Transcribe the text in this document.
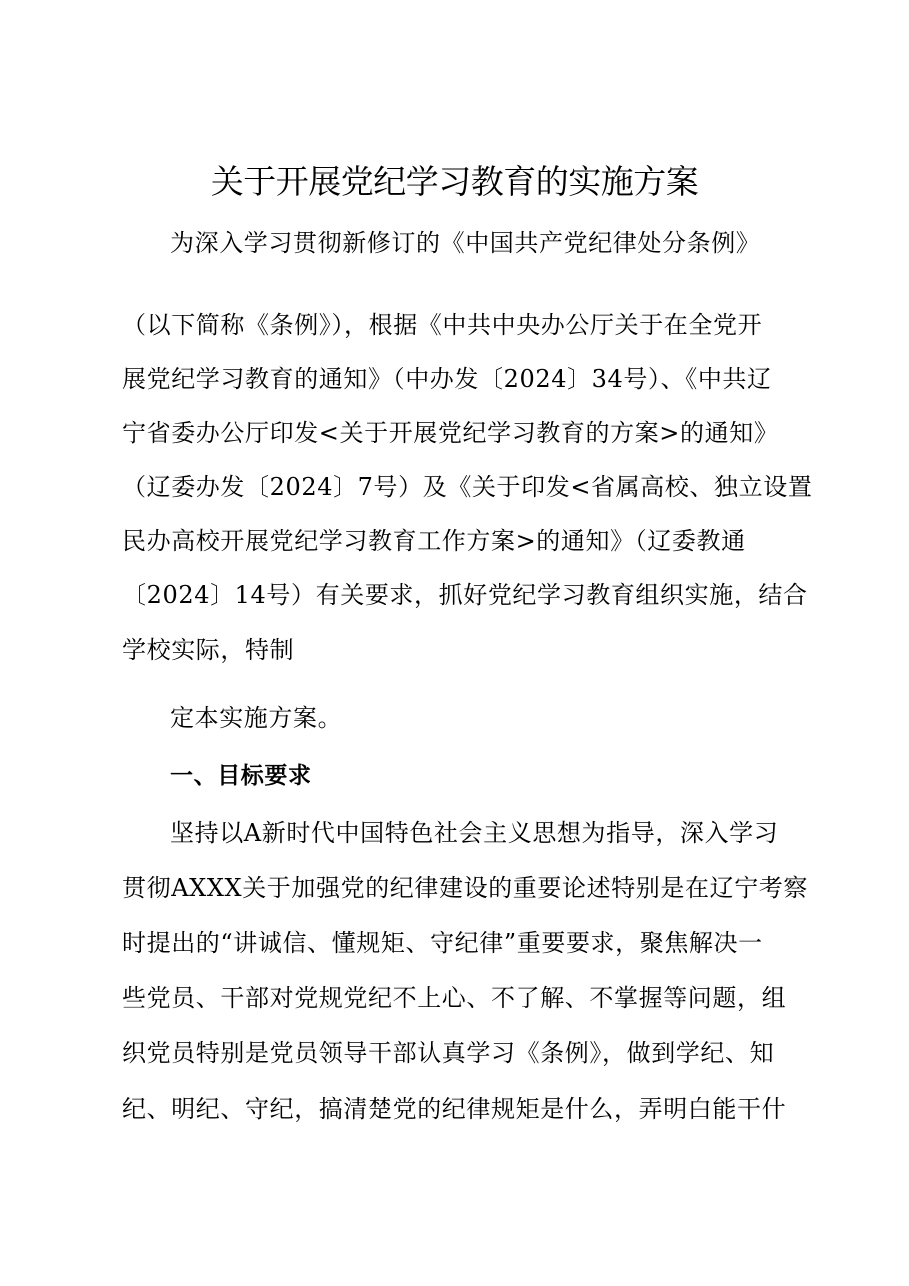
关于开展党纪学习教育的实施方案
为深入学习贯彻新修订的《中国共产党纪律处分条例》
（以下简称《条例》），根据《中共中央办公厅关于在全党开
展党纪学习教育的通知》（中办发〔2024〕34号）、《中共辽
宁省委办公厅印发<关于开展党纪学习教育的方案>的通知》
（辽委办发〔2024〕7号）及《关于印发<省属高校、独立设置
民办高校开展党纪学习教育工作方案>的通知》（辽委教通
〔2024〕14号）有关要求，抓好党纪学习教育组织实施，结合
学校实际，特制
定本实施方案。
一、目标要求
坚持以A新时代中国特色社会主义思想为指导，深入学习
贯彻AXXX关于加强党的纪律建设的重要论述特别是在辽宁考察
时提出的“讲诚信、懂规矩、守纪律”重要要求，聚焦解决一
些党员、干部对党规党纪不上心、不了解、不掌握等问题，组
织党员特别是党员领导干部认真学习《条例》，做到学纪、知
纪、明纪、守纪，搞清楚党的纪律规矩是什么，弄明白能干什
